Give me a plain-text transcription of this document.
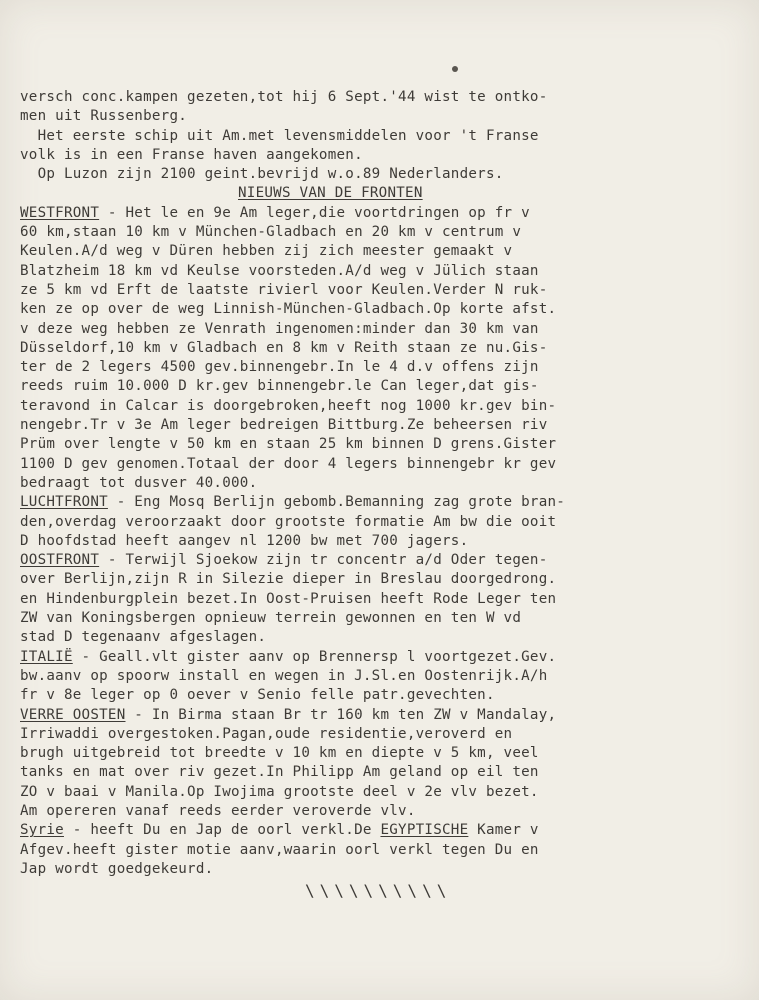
versch conc.kampen gezeten,tot hij 6 Sept.'44 wist te ontko-
men uit Russenberg.
Het eerste schip uit Am.met levensmiddelen voor 't Franse
volk is in een Franse haven aangekomen.
Op Luzon zijn 2100 geint.bevrijd w.o.89 Nederlanders.
NIEUWS VAN DE FRONTEN
WESTFRONT - Het le en 9e Am leger,die voortdringen op fr v
60 km,staan 10 km v München-Gladbach en 20 km v centrum v
Keulen.A/d weg v Düren hebben zij zich meester gemaakt v
Blatzheim 18 km vd Keulse voorsteden.A/d weg v Jülich staan
ze 5 km vd Erft de laatste rivierl voor Keulen.Verder N ruk-
ken ze op over de weg Linnish-München-Gladbach.Op korte afst.
v deze weg hebben ze Venrath ingenomen:minder dan 30 km van
Düsseldorf,10 km v Gladbach en 8 km v Reith staan ze nu.Gis-
ter de 2 legers 4500 gev.binnengebr.In le 4 d.v offens zijn
reeds ruim 10.000 D kr.gev binnengebr.le Can leger,dat gis-
teravond in Calcar is doorgebroken,heeft nog 1000 kr.gev bin-
nengebr.Tr v 3e Am leger bedreigen Bittburg.Ze beheersen riv
Prüm over lengte v 50 km en staan 25 km binnen D grens.Gister
1100 D gev genomen.Totaal der door 4 legers binnengebr kr gev
bedraagt tot dusver 40.000.
LUCHTFRONT - Eng Mosq Berlijn gebomb.Bemanning zag grote bran-
den,overdag veroorzaakt door grootste formatie Am bw die ooit
D hoofdstad heeft aangev nl 1200 bw met 700 jagers.
OOSTFRONT - Terwijl Sjoekow zijn tr concentr a/d Oder tegen-
over Berlijn,zijn R in Silezie dieper in Breslau doorgedrong.
en Hindenburgplein bezet.In Oost-Pruisen heeft Rode Leger ten
ZW van Koningsbergen opnieuw terrein gewonnen en ten W vd
stad D tegenaanv afgeslagen.
ITALIË - Geall.vlt gister aanv op Brennersp l voortgezet.Gev.
bw.aanv op spoorw install en wegen in J.Sl.en Oostenrijk.A/h
fr v 8e leger op 0 oever v Senio felle patr.gevechten.
VERRE OOSTEN - In Birma staan Br tr 160 km ten ZW v Mandalay,
Irriwaddi overgestoken.Pagan,oude residentie,veroverd en
brugh uitgebreid tot breedte v 10 km en diepte v 5 km, veel
tanks en mat over riv gezet.In Philipp Am geland op eil ten
ZO v baai v Manila.Op Iwojima grootste deel v 2e vlv bezet.
Am opereren vanaf reeds eerder veroverde vlv.
Syrie - heeft Du en Jap de oorl verkl.De EGYPTISCHE Kamer v
Afgev.heeft gister motie aanv,waarin oorl verkl tegen Du en
Jap wordt goedgekeurd.
\\\\\\\\\\
